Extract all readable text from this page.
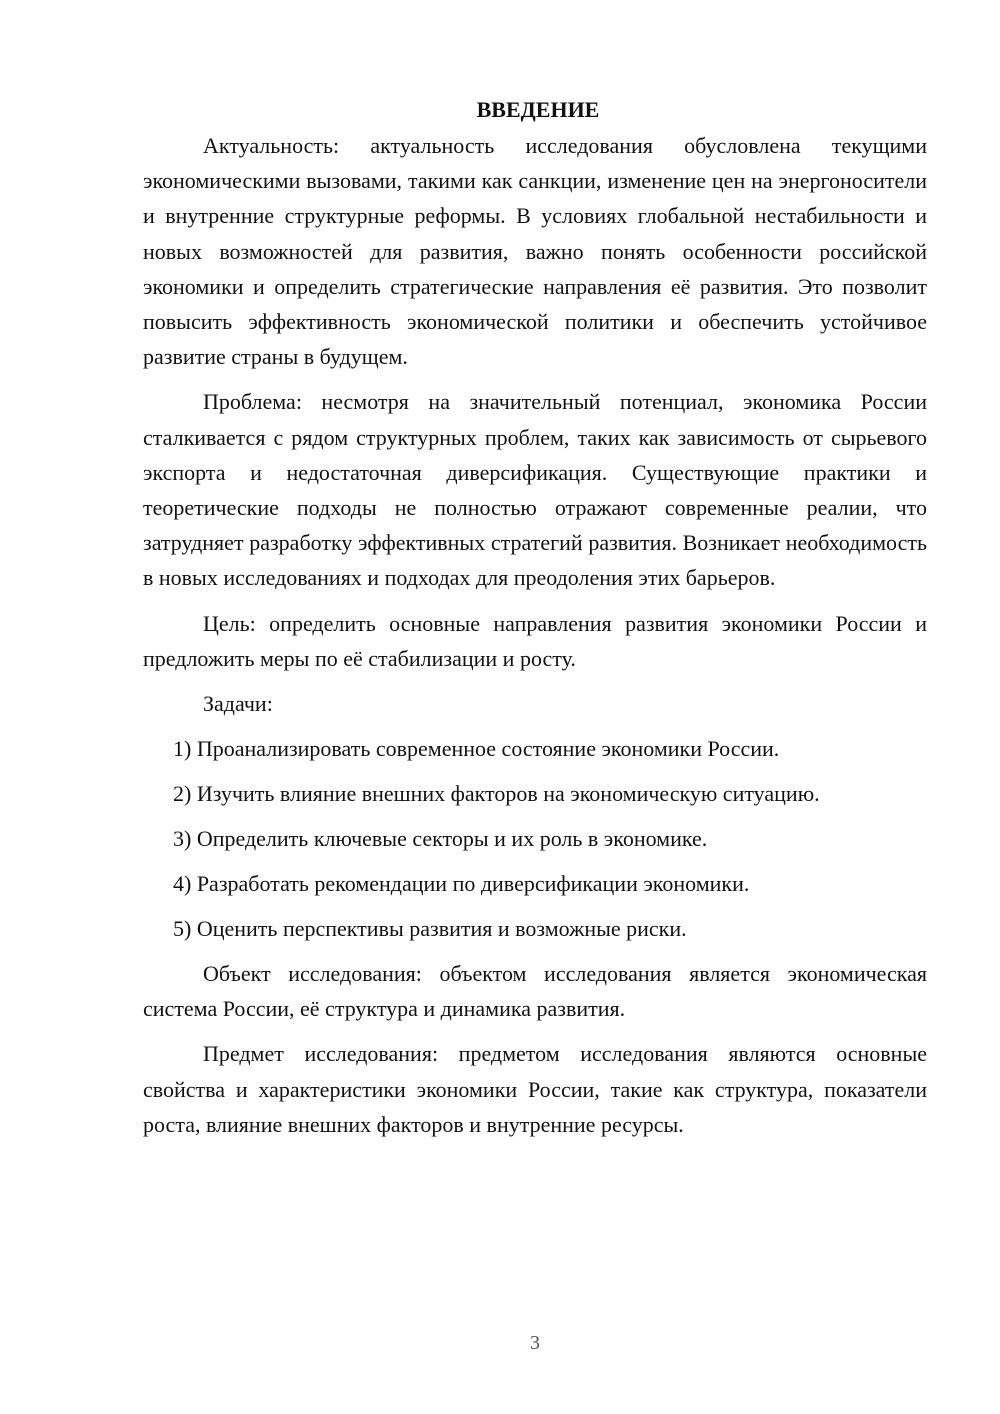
ВВЕДЕНИЕ

Актуальность: актуальность исследования обусловлена текущими экономическими вызовами, такими как санкции, изменение цен на энергоносители и внутренние структурные реформы. В условиях глобальной нестабильности и новых возможностей для развития, важно понять особенности российской экономики и определить стратегические направления её развития. Это позволит повысить эффективность экономической политики и обеспечить устойчивое развитие страны в будущем.

Проблема: несмотря на значительный потенциал, экономика России сталкивается с рядом структурных проблем, таких как зависимость от сырьевого экспорта и недостаточная диверсификация. Существующие практики и теоретические подходы не полностью отражают современные реалии, что затрудняет разработку эффективных стратегий развития. Возникает необходимость в новых исследованиях и подходах для преодоления этих барьеров.

Цель: определить основные направления развития экономики России и предложить меры по её стабилизации и росту.

Задачи:

1) Проанализировать современное состояние экономики России.

2) Изучить влияние внешних факторов на экономическую ситуацию.

3) Определить ключевые секторы и их роль в экономике.

4) Разработать рекомендации по диверсификации экономики.

5) Оценить перспективы развития и возможные риски.

Объект исследования: объектом исследования является экономическая система России, её структура и динамика развития.

Предмет исследования: предметом исследования являются основные свойства и характеристики экономики России, такие как структура, показатели роста, влияние внешних факторов и внутренние ресурсы.

3
